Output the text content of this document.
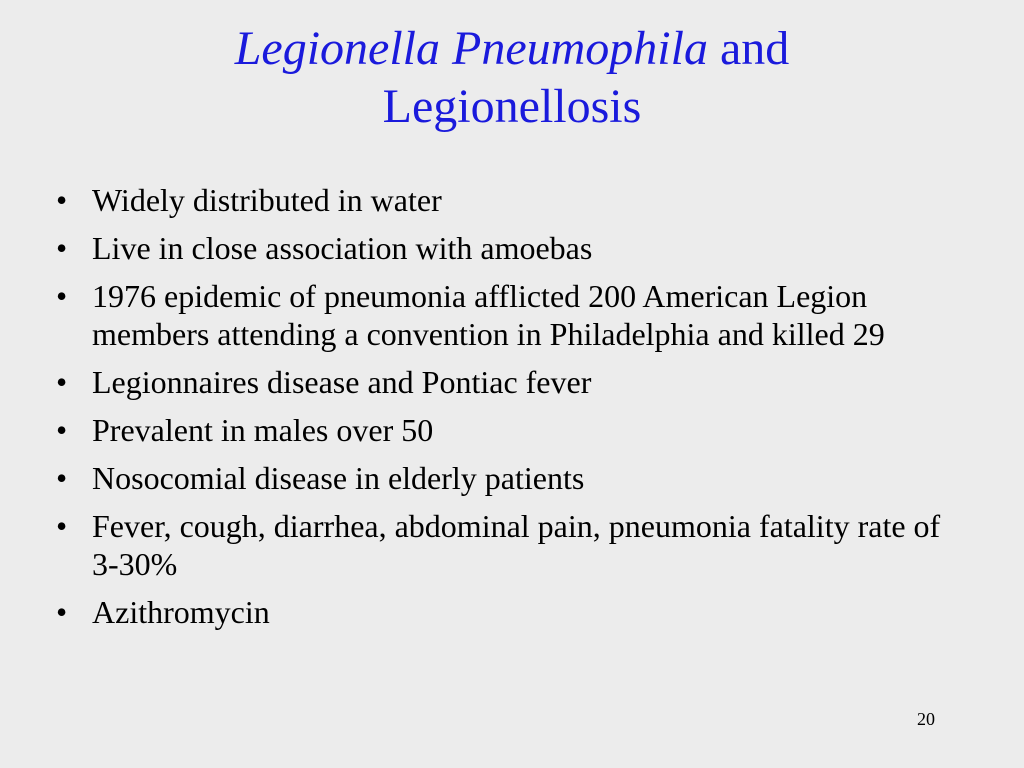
Legionella Pneumophila and
Legionellosis
• Widely distributed in water
• Live in close association with amoebas
• 1976 epidemic of pneumonia afflicted 200 American Legion members attending a convention in Philadelphia and killed 29
• Legionnaires disease and Pontiac fever
• Prevalent in males over 50
• Nosocomial disease in elderly patients
• Fever, cough, diarrhea, abdominal pain, pneumonia fatality rate of 3-30%
• Azithromycin
20
